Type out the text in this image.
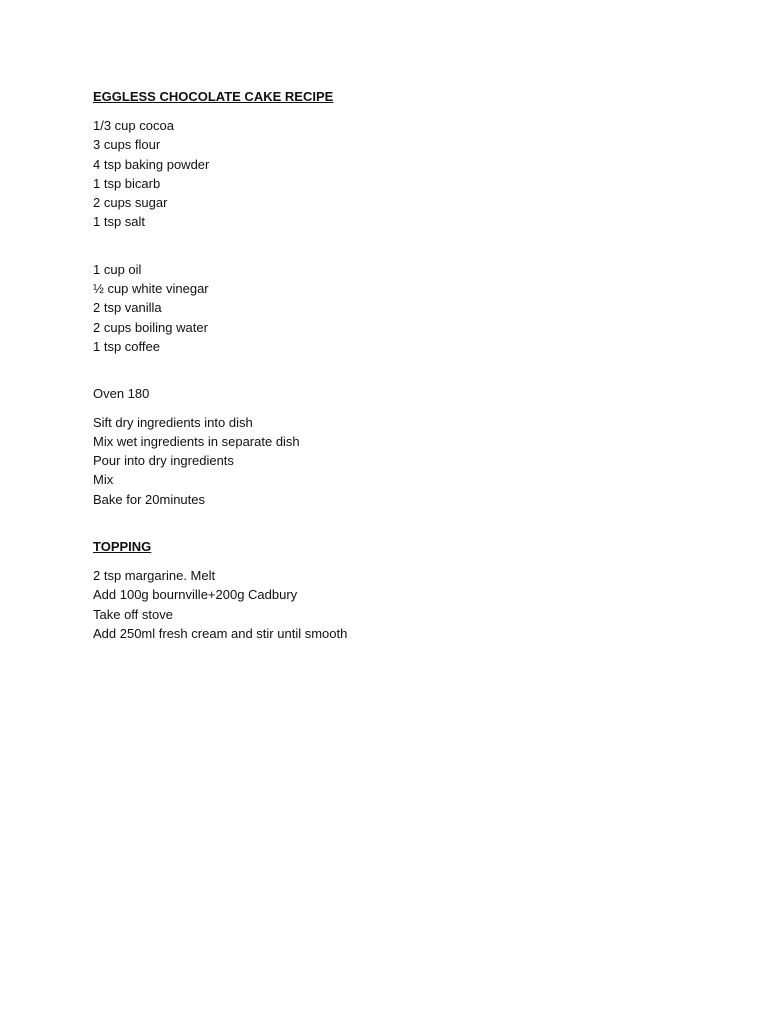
EGGLESS CHOCOLATE CAKE RECIPE

1/3 cup cocoa
3 cups flour
4 tsp baking powder
1 tsp bicarb
2 cups sugar
1 tsp salt
1 cup oil
½ cup white vinegar
2 tsp vanilla
2 cups boiling water
1 tsp coffee

Oven 180

Sift dry ingredients into dish
Mix wet ingredients in separate dish
Pour into dry ingredients
Mix
Bake for 20minutes

TOPPING

2 tsp margarine. Melt
Add 100g bournville+200g Cadbury
Take off stove
Add 250ml fresh cream and stir until smooth
